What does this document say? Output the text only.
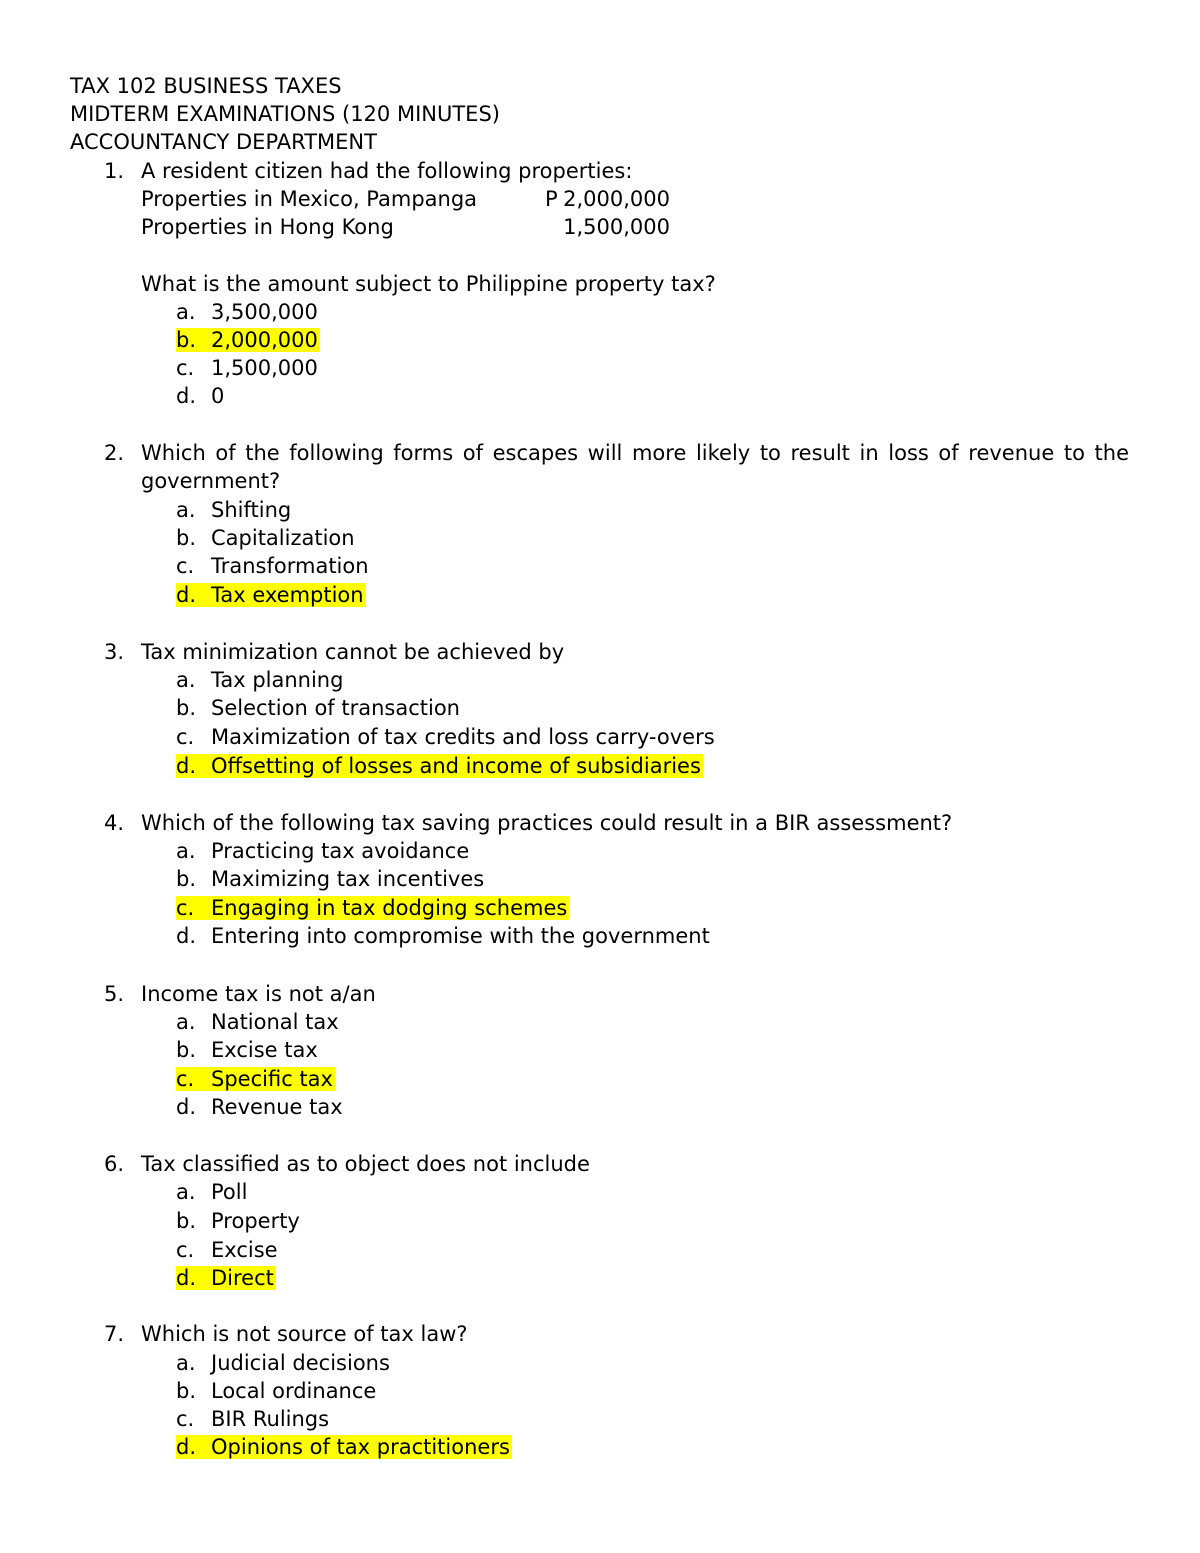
TAX 102 BUSINESS TAXES
MIDTERM EXAMINATIONS (120 MINUTES)
ACCOUNTANCY DEPARTMENT
1. A resident citizen had the following properties:
Properties in Mexico, Pampanga	P 2,000,000
Properties in Hong Kong	1,500,000
What is the amount subject to Philippine property tax?
a. 3,500,000
b. 2,000,000
c. 1,500,000
d. 0
2. Which of the following forms of escapes will more likely to result in loss of revenue to the
government?
a. Shifting
b. Capitalization
c. Transformation
d. Tax exemption
3. Tax minimization cannot be achieved by
a. Tax planning
b. Selection of transaction
c. Maximization of tax credits and loss carry-overs
d. Offsetting of losses and income of subsidiaries
4. Which of the following tax saving practices could result in a BIR assessment?
a. Practicing tax avoidance
b. Maximizing tax incentives
c. Engaging in tax dodging schemes
d. Entering into compromise with the government
5. Income tax is not a/an
a. National tax
b. Excise tax
c. Specific tax
d. Revenue tax
6. Tax classified as to object does not include
a. Poll
b. Property
c. Excise
d. Direct
7. Which is not source of tax law?
a. Judicial decisions
b. Local ordinance
c. BIR Rulings
d. Opinions of tax practitioners
